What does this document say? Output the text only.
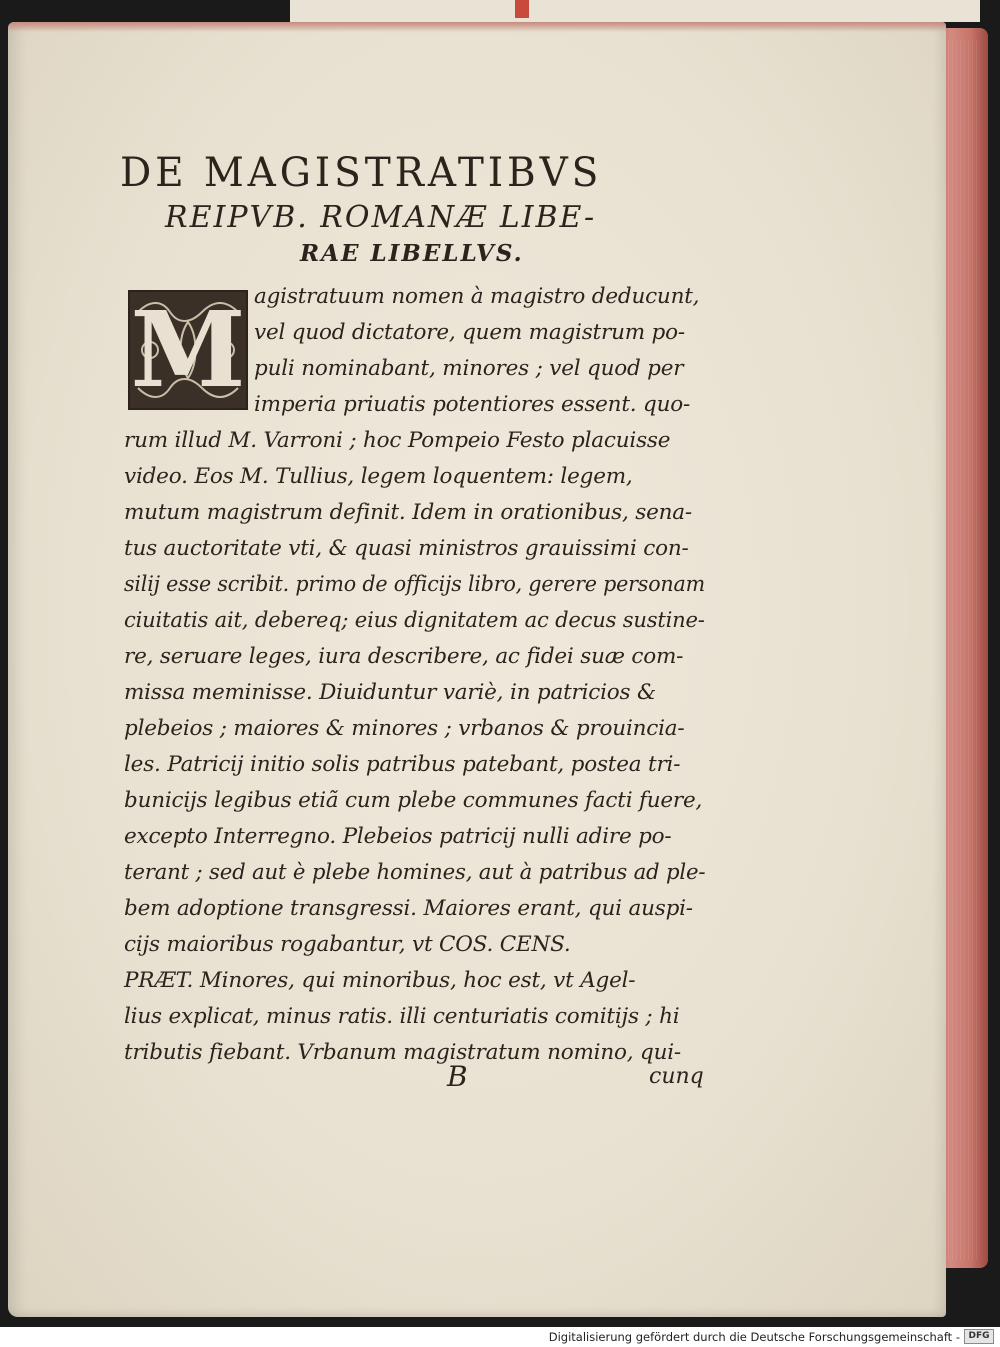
DE MAGISTRATIBVS
REIPVB. ROMANÆ LIBE-
RAE LIBELLVS.
M agistratuum nomen à magistro deducunt,

vel quod dictatore, quem magistrum po-

puli nominabant, minores ; vel quod per

imperia priuatis potentiores essent. quo-

rum illud M. Varroni ; hoc Pompeio Festo placuisse

video. Eos M. Tullius, legem loquentem: legem,

mutum magistrum definit. Idem in orationibus, sena-

tus auctoritate vti, & quasi ministros grauissimi con-

silij esse scribit. primo de officijs libro, gerere personam

ciuitatis ait, debereq; eius dignitatem ac decus sustine-

re, seruare leges, iura describere, ac fidei suæ com-

missa meminisse. Diuiduntur variè, in patricios &

plebeios ; maiores & minores ; vrbanos & prouincia-

les. Patricij initio solis patribus patebant, postea tri-

bunicijs legibus etiã cum plebe communes facti fuere,

excepto Interregno. Plebeios patricij nulli adire po-

terant ; sed aut è plebe homines, aut à patribus ad ple-

bem adoptione transgressi. Maiores erant, qui auspi-

cijs maioribus rogabantur, vt COS. CENS.

PRÆT. Minores, qui minoribus, hoc est, vt Agel-

lius explicat, minus ratis. illi centuriatis comitijs ; hi

tributis fiebant. Vrbanum magistratum nomino, qui-

B	cunq

Digitalisierung gefördert durch die Deutsche Forschungsgemeinschaft - DFG
